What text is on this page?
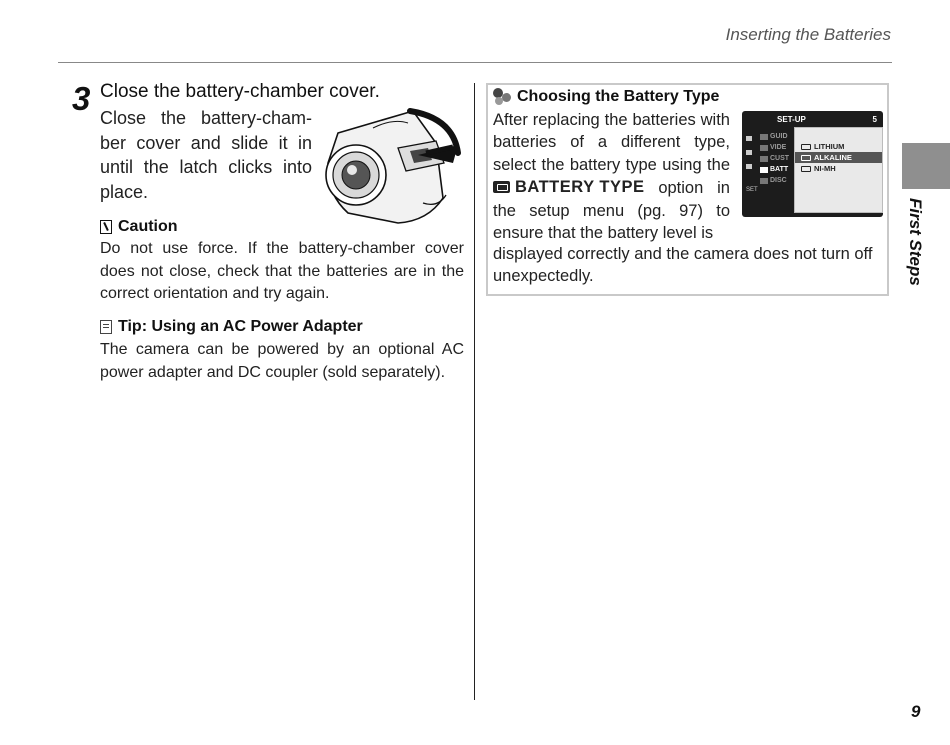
Inserting the Batteries
3 Close the battery-chamber cover.
Close the battery-cham-ber cover and slide it in until the latch clicks into place.
Caution
Do not use force. If the battery-chamber cover does not close, check that the batteries are in the correct orientation and try again.
Tip: Using an AC Power Adapter
The camera can be powered by an optional AC power adapter and DC coupler (sold separately).
Choosing the Battery Type
After replacing the batteries with batteries of a different type, select the battery type using the
BATTERY TYPE option in the setup menu (pg. 97) to ensure that the battery level is
displayed correctly and the camera does not turn off unexpectedly.
SET-UP	5
SET
GUID
VIDE
CUST
BATT
DISC
LITHIUM
ALKALINE
NI-MH
First Steps
9
